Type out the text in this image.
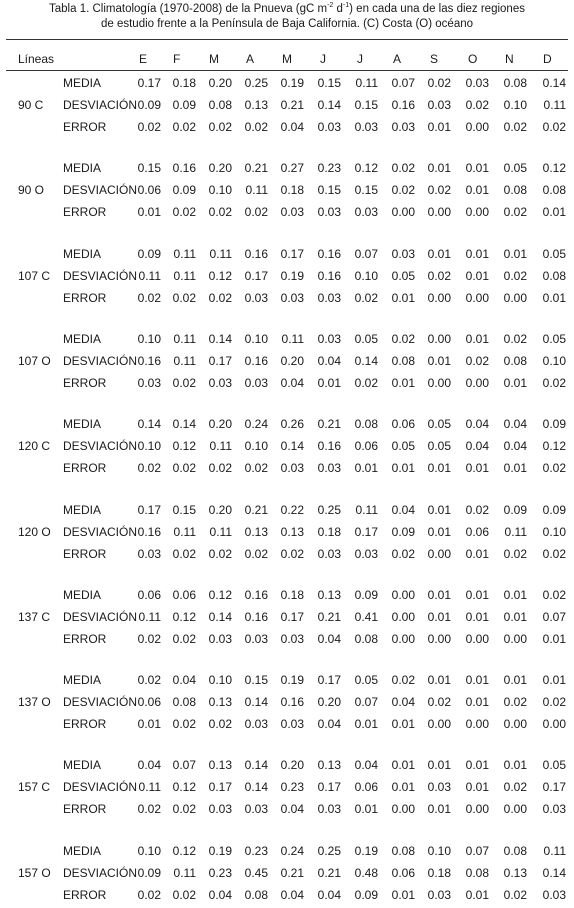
Tabla 1. Climatología (1970-2008) de la Pnueva (gC $m^{-2}$ $d^{-1}$) en cada una de las diez regiones
de estudio frente a la Península de Baja California. (C) Costa (O) océano
Líneas	E	F	M	A	M	J	J	A	S	O	N	D
90 C
MEDIA	0.17 0.18	0.20	0.25	0.19	0.15	0.11	0.07	0.02	0.03	0.08	0.14
DESVIACIÓN 0.09 0.09	0.08	0.13	0.21	0.14	0.15	0.16	0.03	0.02	0.10	0.11
ERROR	0.02 0.02	0.02	0.02	0.04	0.03	0.03	0.03	0.01	0.00	0.02	0.02
90 O
MEDIA	0.15 0.16	0.20	0.21	0.27	0.23	0.12	0.02	0.01	0.01	0.05	0.12
DESVIACIÓN 0.06 0.09	0.10	0.11	0.18	0.15	0.15	0.02	0.02	0.01	0.08	0.08
ERROR	0.01 0.02	0.02	0.02	0.03	0.03	0.03	0.00	0.00	0.00	0.02	0.01
107 C
MEDIA	0.09	0.11	0.11	0.16	0.17	0.16	0.07	0.03	0.01	0.01	0.01	0.05
DESVIACIÓN 0.11	0.11	0.12	0.17	0.19	0.16	0.10	0.05	0.02	0.01	0.02	0.08
ERROR	0.02 0.02	0.02	0.03	0.03	0.03	0.02	0.01	0.00	0.00	0.00	0.01
107 O
MEDIA	0.10	0.11	0.14	0.10	0.11	0.03	0.05	0.02	0.00	0.01	0.02	0.05
DESVIACIÓN 0.16	0.11	0.17	0.16	0.20	0.04	0.14	0.08	0.01	0.02	0.08	0.10
ERROR	0.03 0.02	0.03	0.03	0.04	0.01	0.02	0.01	0.00	0.00	0.01	0.02
120 C
MEDIA	0.14 0.14	0.20	0.24	0.26	0.21	0.08	0.06	0.05	0.04	0.04	0.09
DESVIACIÓN 0.10 0.12	0.11	0.10	0.14	0.16	0.06	0.05	0.05	0.04	0.04	0.12
ERROR	0.02 0.02	0.02	0.02	0.03	0.03	0.01	0.01	0.01	0.01	0.01	0.02
120 O
MEDIA	0.17 0.15	0.20	0.21	0.22	0.25	0.11	0.04	0.01	0.02	0.09	0.09
DESVIACIÓN 0.16	0.11	0.11	0.13	0.13	0.18	0.17	0.09	0.01	0.06	0.11	0.10
ERROR	0.03 0.02	0.02	0.02	0.02	0.03	0.03	0.02	0.00	0.01	0.02	0.02
137 C
MEDIA	0.06 0.06	0.12	0.16	0.18	0.13	0.09	0.00	0.01	0.01	0.01	0.02
DESVIACIÓN 0.11 0.12	0.14	0.16	0.17	0.21	0.41	0.00	0.01	0.01	0.01	0.07
ERROR	0.02 0.02	0.03	0.03	0.03	0.04	0.08	0.00	0.00	0.00	0.00	0.01
137 O
MEDIA	0.02 0.04	0.10	0.15	0.19	0.17	0.05	0.02	0.01	0.01	0.01	0.01
DESVIACIÓN 0.06 0.08	0.13	0.14	0.16	0.20	0.07	0.04	0.02	0.01	0.02	0.02
ERROR	0.01 0.02	0.02	0.03	0.03	0.04	0.01	0.01	0.00	0.00	0.00	0.00
157 C
MEDIA	0.04 0.07	0.13	0.14	0.20	0.13	0.04	0.01	0.01	0.01	0.01	0.05
DESVIACIÓN 0.11 0.12	0.17	0.14	0.23	0.17	0.06	0.01	0.03	0.01	0.02	0.17
ERROR	0.02 0.02	0.03	0.03	0.04	0.03	0.01	0.00	0.01	0.00	0.00	0.03
157 O
MEDIA	0.10 0.12	0.19	0.23	0.24	0.25	0.19	0.08	0.10	0.07	0.08	0.11
DESVIACIÓN 0.09	0.11	0.23	0.45	0.21	0.21	0.48	0.06	0.18	0.08	0.13	0.14
ERROR	0.02 0.02	0.04	0.08	0.04	0.04	0.09	0.01	0.03	0.01	0.02	0.03
